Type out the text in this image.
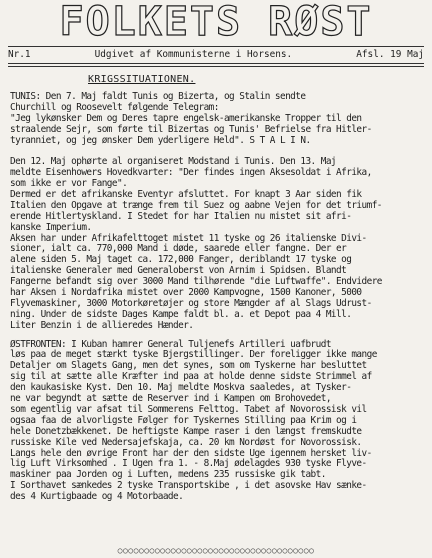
FOLKETS RØST
Nr.1	Udgivet af Kommunisterne i Horsens.	Afsl. 19 Maj
KRIGSSITUATIONEN.
TUNIS: Den 7. Maj faldt Tunis og Bizerta, og Stalin sendte
Churchill og Roosevelt følgende Telegram:
"Jeg lykønsker Dem og Deres tapre engelsk-amerikanske Tropper til den
straalende Sejr, som førte til Bizertas og Tunis' Befrielse fra Hitler-
tyranniet, og jeg ønsker Dem yderligere Held". S T A L I N.
Den 12. Maj ophørte al organiseret Modstand i Tunis. Den 13. Maj
meldte Eisenhowers Hovedkvarter: "Der findes ingen Aksesoldat i Afrika,
som ikke er vor Fange".
Dermed er det afrikanske Eventyr afsluttet. For knapt 3 Aar siden fik
Italien den Opgave at trænge frem til Suez og aabne Vejen for det triumf-
erende Hitlertyskland. I Stedet for har Italien nu mistet sit afri-
kanske Imperium.
Aksen har under Afrikafelttoget mistet 11 tyske og 26 italienske Divi-
sioner, ialt ca. 770,000 Mand i døde, saarede eller fangne. Der er
alene siden 5. Maj taget ca. 172,000 Fanger, deriblandt 17 tyske og
italienske Generaler med Generaloberst von Arnim i Spidsen. Blandt
Fangerne befandt sig over 3000 Mand tilhørende "die Luftwaffe". Endvidere
har Aksen i Nordafrika mistet over 2000 Kampvogne, 1500 Kanoner, 5000
Flyvemaskiner, 3000 Motorkøretøjer og store Mængder af al Slags Udrust-
ning. Under de sidste Dages Kampe faldt bl. a. et Depot paa 4 Mill.
Liter Benzin i de allieredes Hænder.
ØSTFRONTEN: I Kuban hamrer General Tuljenefs Artilleri uafbrudt
løs paa de meget stærkt tyske Bjergstillinger. Der foreligger ikke mange
Detaljer om Slagets Gang, men det synes, som om Tyskerne har besluttet
sig til at sætte alle Kræfter ind paa at holde denne sidste Strimmel af
den kaukasiske Kyst. Den 10. Maj meldte Moskva saaledes, at Tysker-
ne var begyndt at sætte de Reserver ind i Kampen om Brohovedet,
som egentlig var afsat til Sommerens Felttog. Tabet af Novorossisk vil
ogsaa faa de alvorligste Følger for Tyskernes Stilling paa Krim og i
hele Donetzbækkenet. De heftigste Kampe raser i den længst fremskudte
russiske Kile ved Nedersajefskaja, ca. 20 km Nordøst for Novorossisk.
Langs hele den øvrige Front har der den sidste Uge igennem hersket liv-
lig Luft Virksomhed . I Ugen fra 1. - 8.Maj ødelagdes 930 tyske Flyve-
maskiner paa Jorden og i Luften, medens 235 russiske gik tabt.
I Sorthavet sænkedes 2 tyske Transportskibe , i det asovske Hav sænke-
des 4 Kurtigbaade og 4 Motorbaade.
○○○○○○○○○○○○○○○○○○○○○○○○○○○○○○○○○○○○○
